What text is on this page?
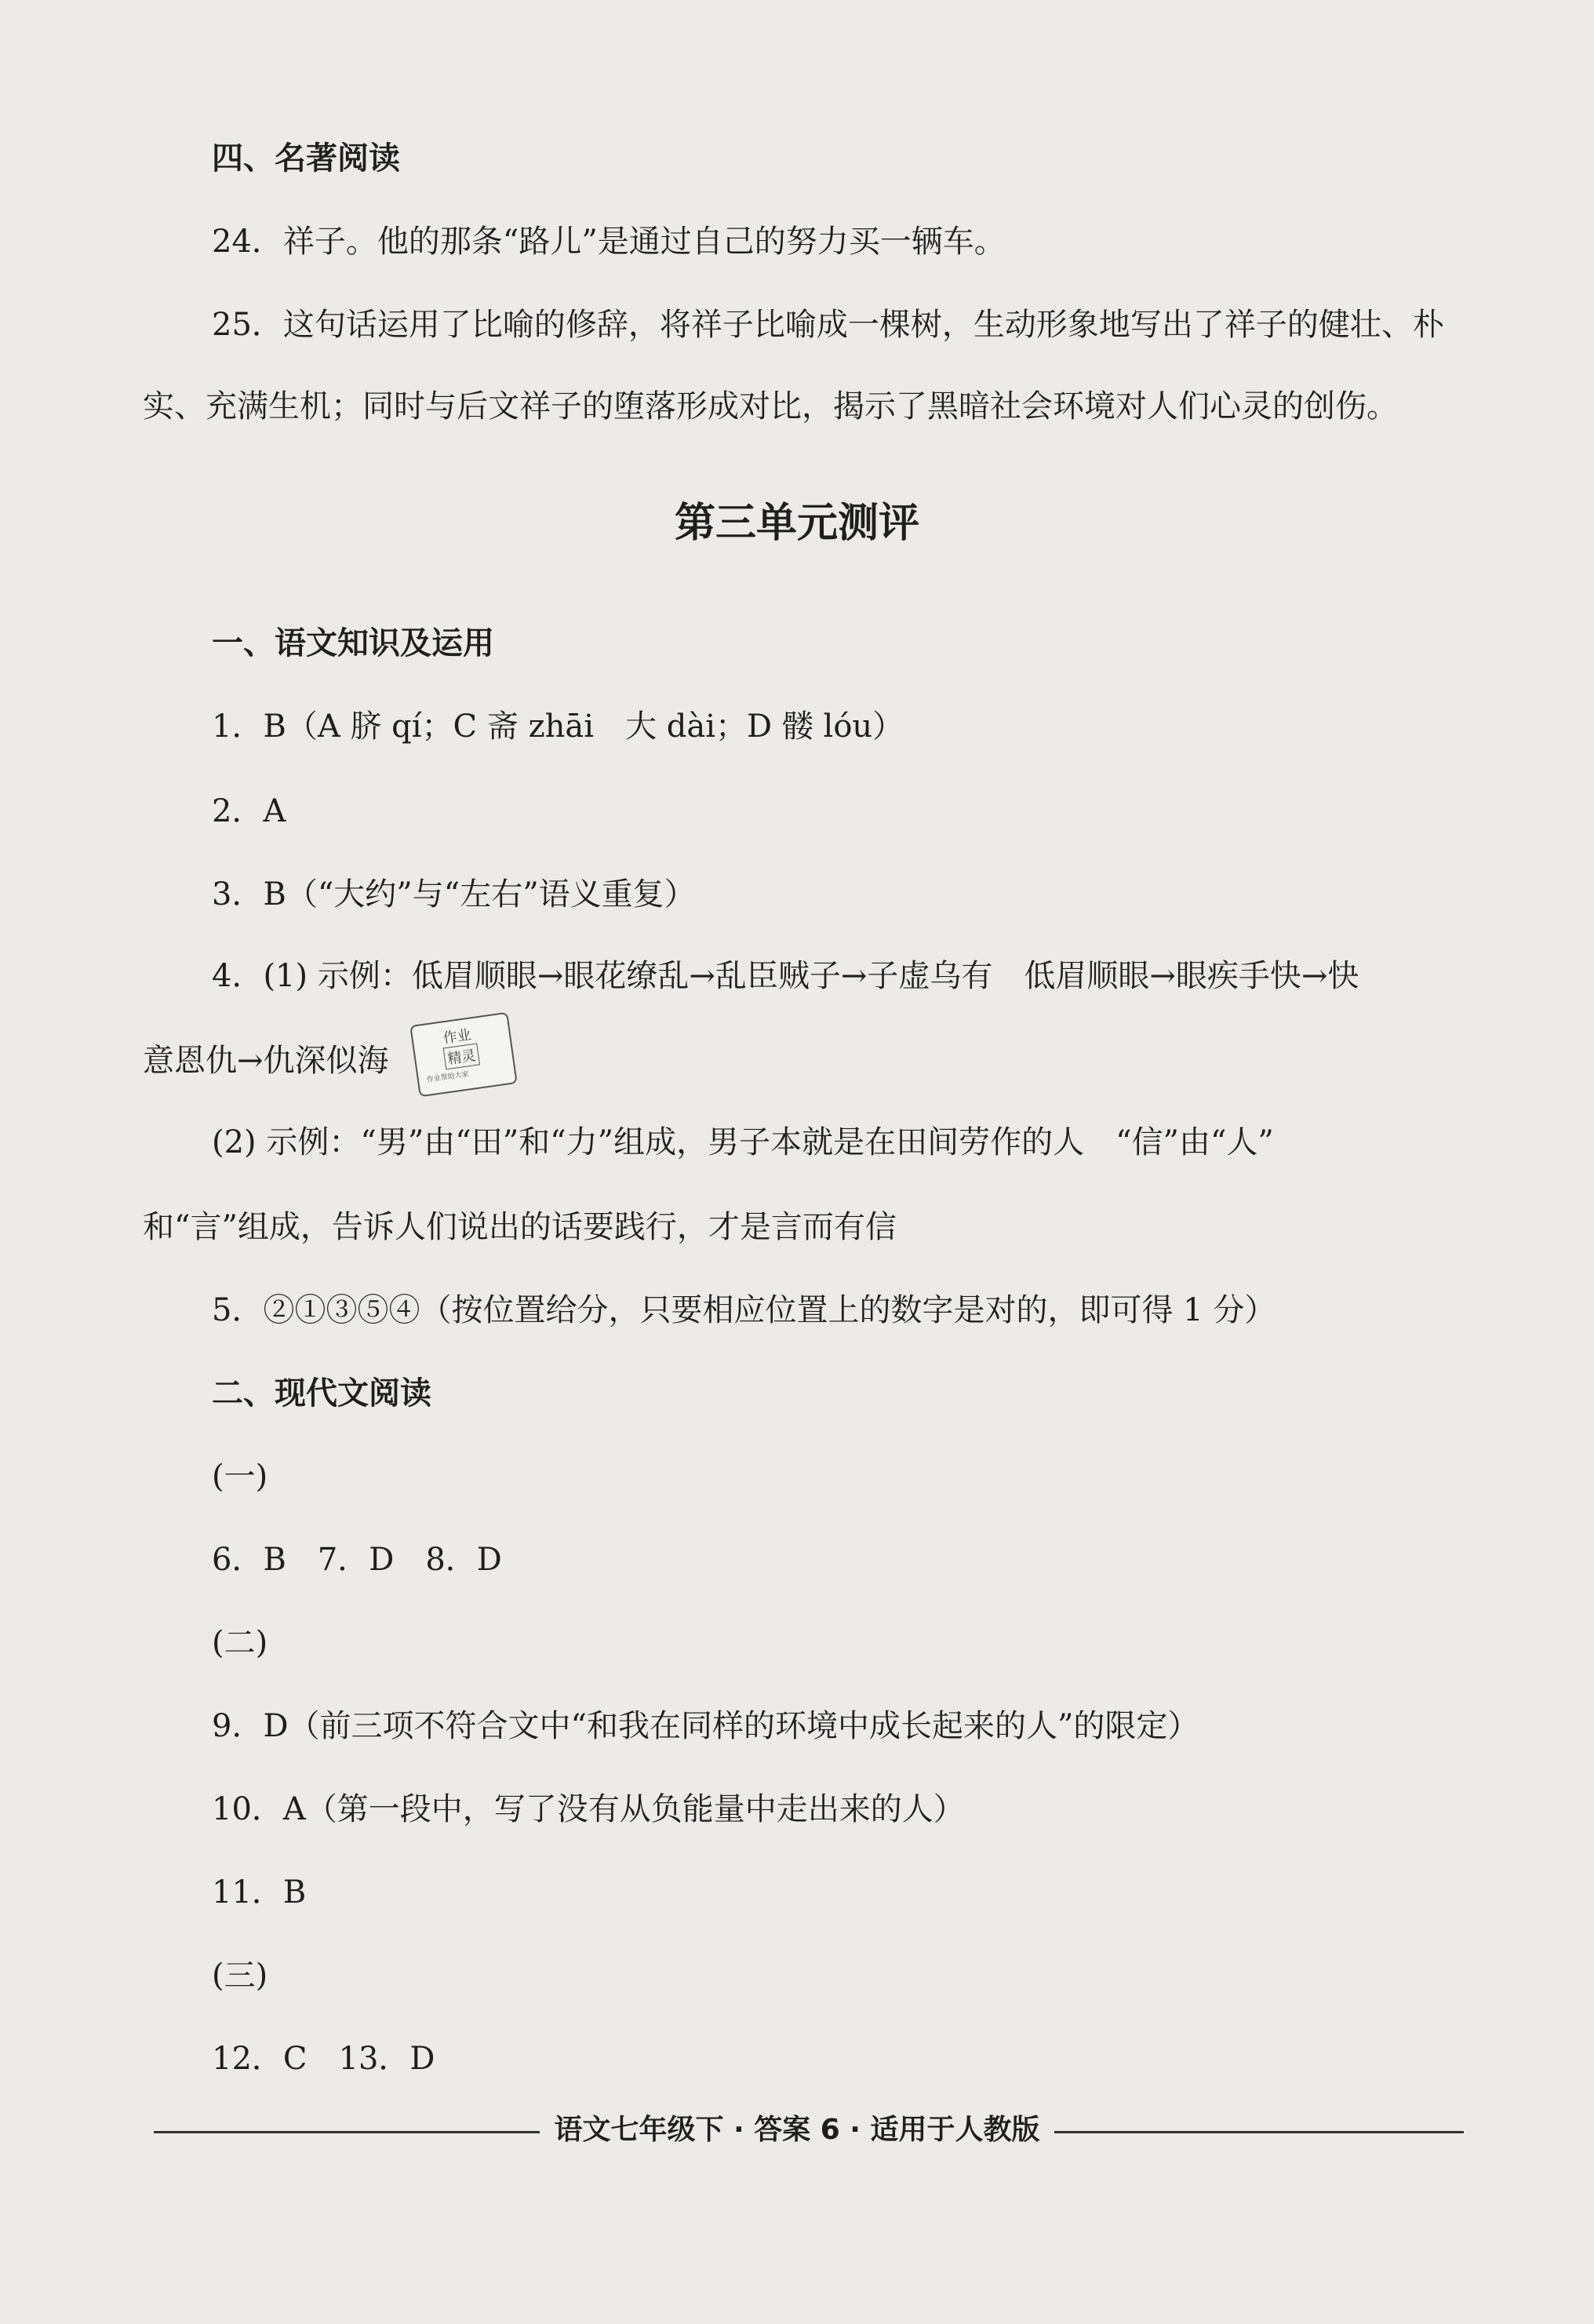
四、名著阅读
24．祥子。他的那条“路儿”是通过自己的努力买一辆车。
25．这句话运用了比喻的修辞，将祥子比喻成一棵树，生动形象地写出了祥子的健壮、朴
实、充满生机；同时与后文祥子的堕落形成对比，揭示了黑暗社会环境对人们心灵的创伤。
第三单元测评
一、语文知识及运用
1．B（A 脐 qí；C 斋 zhāi　大 dài；D 髅 lóu）
2．A
3．B（“大约”与“左右”语义重复）
4．(1) 示例：低眉顺眼→眼花缭乱→乱臣贼子→子虚乌有　低眉顺眼→眼疾手快→快
意恩仇→仇深似海
作业
精灵
作业帮助大家
(2) 示例：“男”由“田”和“力”组成，男子本就是在田间劳作的人　“信”由“人”
和“言”组成，告诉人们说出的话要践行，才是言而有信
5．②①③⑤④（按位置给分，只要相应位置上的数字是对的，即可得 1 分）
二、现代文阅读
(一)
6．B　7．D　8．D
(二)
9．D（前三项不符合文中“和我在同样的环境中成长起来的人”的限定）
10．A（第一段中，写了没有从负能量中走出来的人）
11．B
(三)
12．C　13．D
语文七年级下 · 答案 6 · 适用于人教版
